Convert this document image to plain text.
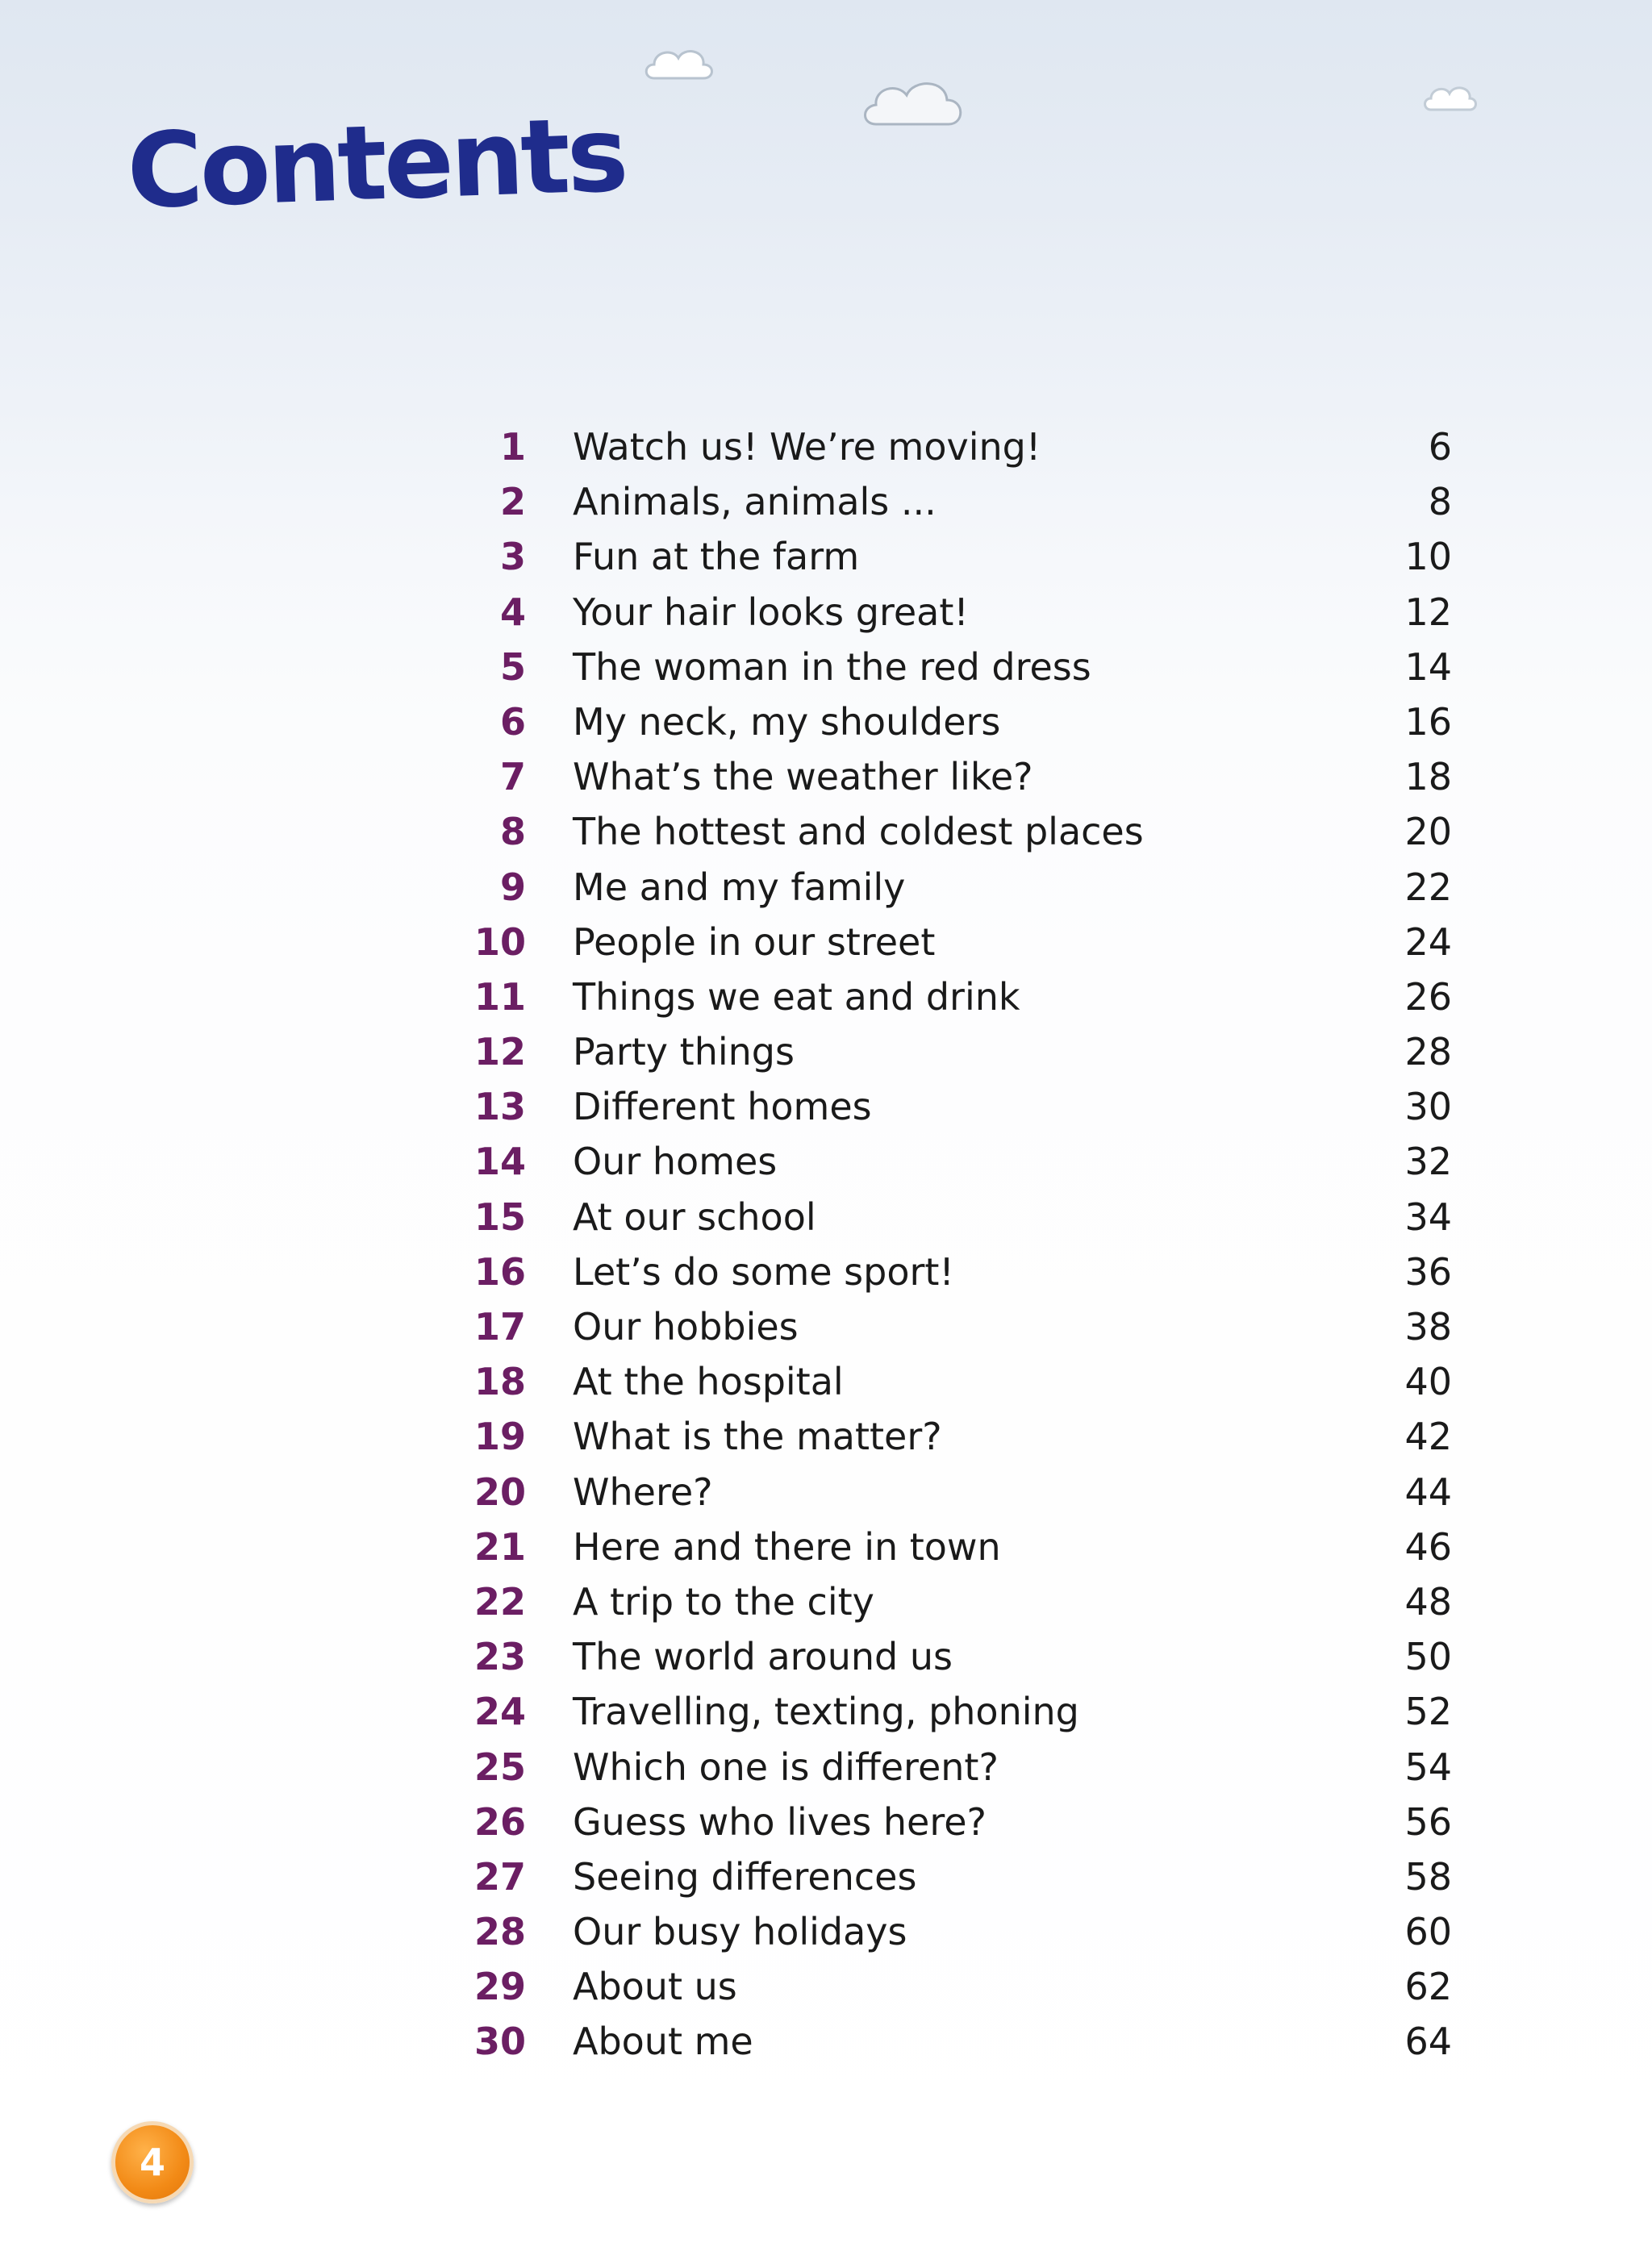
Contents
1 Watch us! We’re moving!	6
2 Animals, animals ...	8
3 Fun at the farm	10
4 Your hair looks great!	12
5 The woman in the red dress	14
6 My neck, my shoulders	16
7 What’s the weather like?	18
8 The hottest and coldest places	20
9 Me and my family	22
10 People in our street	24
11 Things we eat and drink	26
12 Party things	28
13 Different homes	30
14 Our homes	32
15 At our school	34
16 Let’s do some sport!	36
17 Our hobbies	38
18 At the hospital	40
19 What is the matter?	42
20 Where?	44
21 Here and there in town	46
22 A trip to the city	48
23 The world around us	50
24 Travelling, texting, phoning	52
25 Which one is different?	54
26 Guess who lives here?	56
27 Seeing differences	58
28 Our busy holidays	60
29 About us	62
30 About me	64
4
